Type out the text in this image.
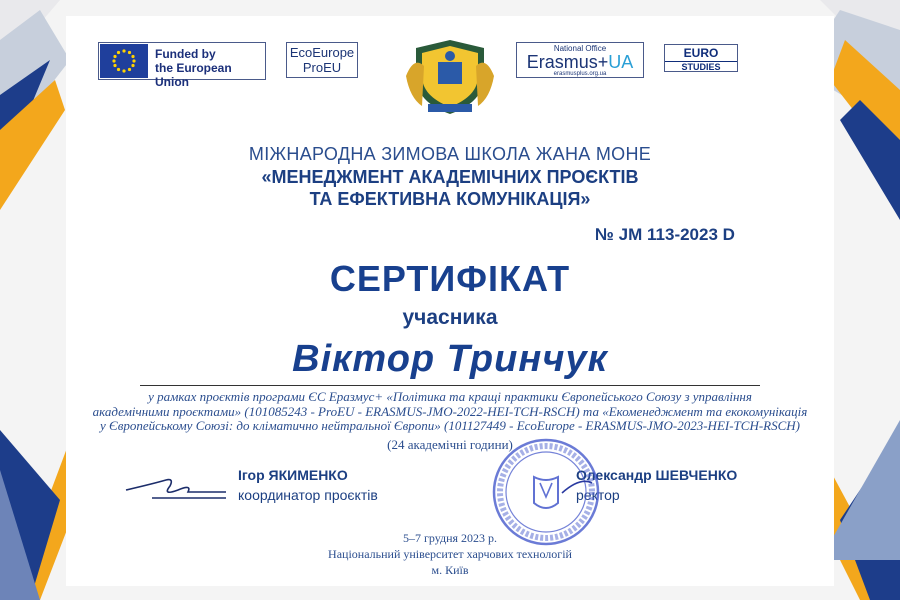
Funded by
the European Union
EcoEurope
ProEU
National Office
Erasmus+UA
erasmusplus.org.ua
EURO
STUDIES
МІЖНАРОДНА ЗИМОВА ШКОЛА ЖАНА МОНЕ
«МЕНЕДЖМЕНТ АКАДЕМІЧНИХ ПРОЄКТІВ
ТА ЕФЕКТИВНА КОМУНІКАЦІЯ»
№ JM 113-2023 D
СЕРТИФІКАТ
учасника
Віктор Тринчук
у рамках проєктів програми ЄС Еразмус+ «Політика та кращі практики Європейського Союзу з управління
академічними проєктами» (101085243 - ProEU - ERASMUS-JMO-2022-HEI-TCH-RSCH) та «Екоменеджмент та екокомунікація
у Європейському Союзі: до кліматично нейтральної Європи» (101127449 - EcoEurope - ERASMUS-JMO-2023-HEI-TCH-RSCH)
(24 академічні години)
Ігор ЯКИМЕНКО
координатор проєктів
Олександр ШЕВЧЕНКО
ректор
5–7 грудня 2023 р.
Національний університет харчових технологій
м. Київ
